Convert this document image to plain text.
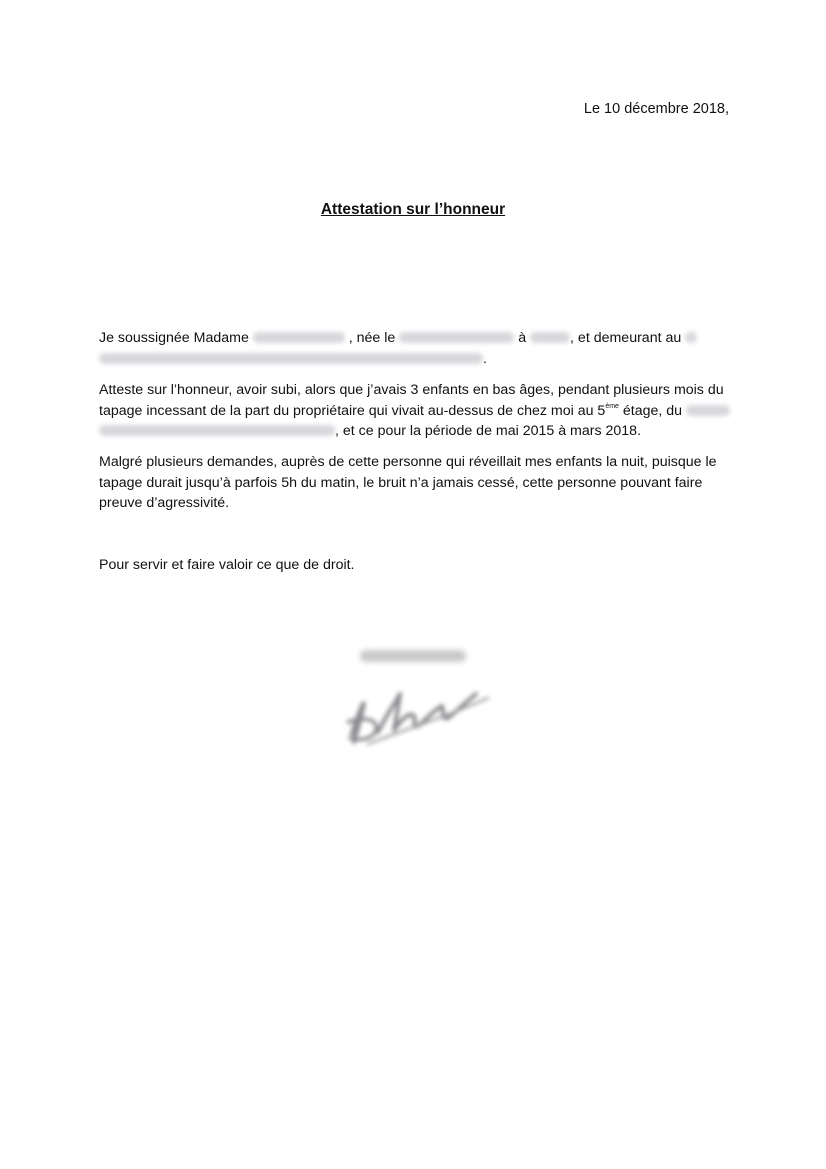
Le 10 décembre 2018,
Attestation sur l’honneur
Je soussignée Madame	, née le	à	, et demeurant au
.
Atteste sur l’honneur, avoir subi, alors que j’avais 3 enfants en bas âges, pendant plusieurs mois du
tapage incessant de la part du propriétaire qui vivait au-dessus de chez moi au 5ème étage, du
, et ce pour la période de mai 2015 à mars 2018.
Malgré plusieurs demandes, auprès de cette personne qui réveillait mes enfants la nuit, puisque le
tapage durait jusqu’à parfois 5h du matin, le bruit n’a jamais cessé, cette personne pouvant faire
preuve d’agressivité.
Pour servir et faire valoir ce que de droit.
